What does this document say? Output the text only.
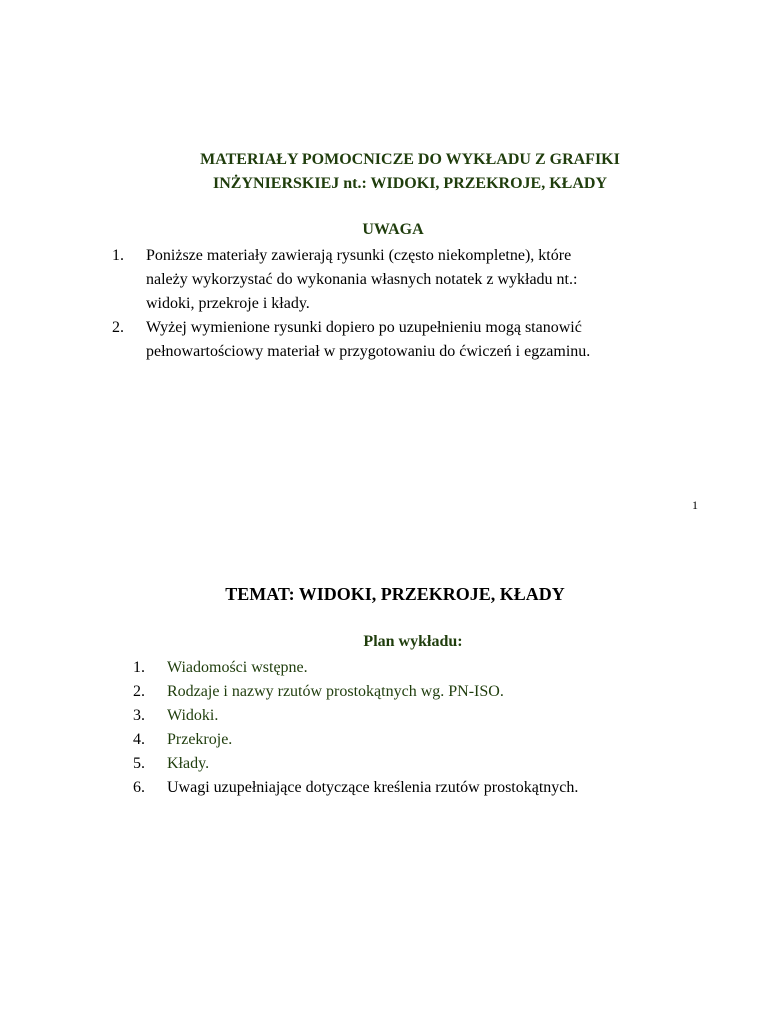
MATERIAŁY POMOCNICZE DO WYKŁADU Z GRAFIKI
INŻYNIERSKIEJ nt.: WIDOKI, PRZEKROJE, KŁADY
UWAGA
1. Poniższe materiały zawierają rysunki (często niekompletne), które
należy wykorzystać do wykonania własnych notatek z wykładu nt.:
widoki, przekroje i kłady.
2. Wyżej wymienione rysunki dopiero po uzupełnieniu mogą stanowić
pełnowartościowy materiał w przygotowaniu do ćwiczeń i egzaminu.
1
TEMAT: WIDOKI, PRZEKROJE, KŁADY
Plan wykładu:
1. Wiadomości wstępne.
2. Rodzaje i nazwy rzutów prostokątnych wg. PN-ISO.
3. Widoki.
4. Przekroje.
5. Kłady.
6. Uwagi uzupełniające dotyczące kreślenia rzutów prostokątnych.
